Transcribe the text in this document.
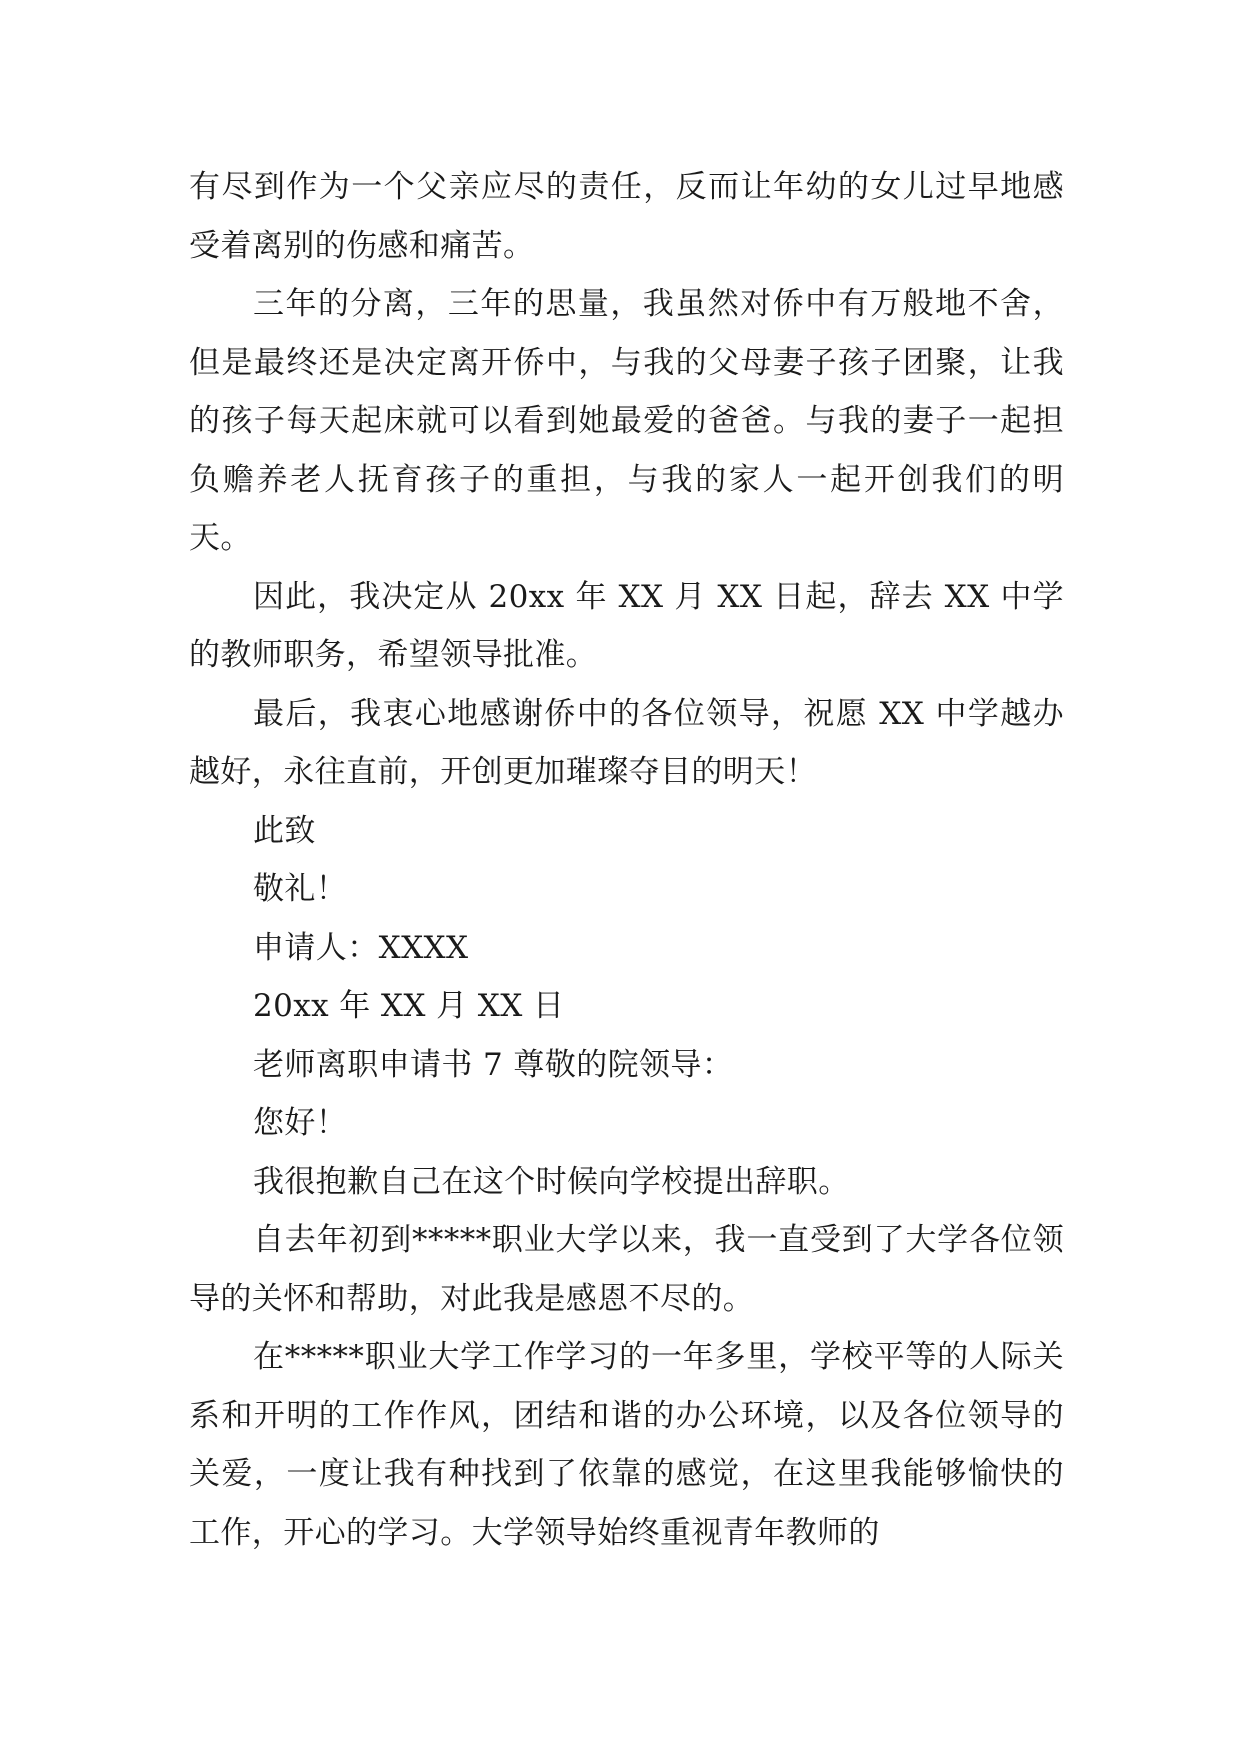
有尽到作为一个父亲应尽的责任，反而让年幼的女儿过早地感受着离别的伤感和痛苦。

三年的分离，三年的思量，我虽然对侨中有万般地不舍，但是最终还是决定离开侨中，与我的父母妻子孩子团聚，让我的孩子每天起床就可以看到她最爱的爸爸。与我的妻子一起担负赡养老人抚育孩子的重担，与我的家人一起开创我们的明天。

因此，我决定从 20xx 年 XX 月 XX 日起，辞去 XX 中学的教师职务，希望领导批准。

最后，我衷心地感谢侨中的各位领导，祝愿 XX 中学越办越好，永往直前，开创更加璀璨夺目的明天！

此致

敬礼！

申请人：XXXX

20xx 年 XX 月 XX 日

老师离职申请书 7 尊敬的院领导：

您好！

我很抱歉自己在这个时候向学校提出辞职。

自去年初到*****职业大学以来，我一直受到了大学各位领导的关怀和帮助，对此我是感恩不尽的。

在*****职业大学工作学习的一年多里，学校平等的人际关系和开明的工作作风，团结和谐的办公环境，以及各位领导的关爱，一度让我有种找到了依靠的感觉，在这里我能够愉快的工作，开心的学习。大学领导始终重视青年教师的
